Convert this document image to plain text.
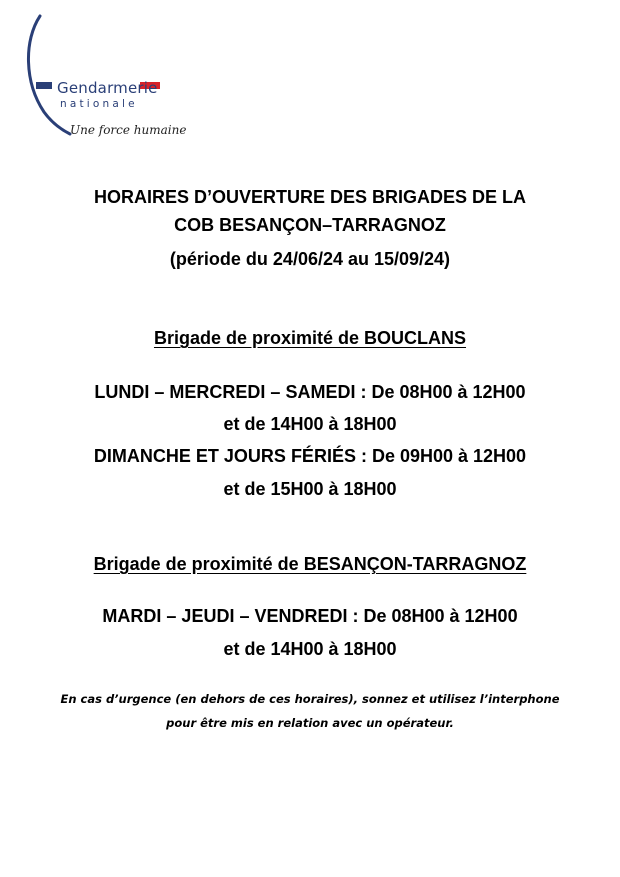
Gendarmerie
nationale
Une force humaine
HORAIRES D’OUVERTURE DES BRIGADES DE LA
COB BESANÇON–TARRAGNOZ
(période du 24/06/24 au 15/09/24)
Brigade de proximité de BOUCLANS
LUNDI – MERCREDI – SAMEDI : De 08H00 à 12H00
et de 14H00 à 18H00
DIMANCHE ET JOURS FÉRIÉS : De 09H00 à 12H00
et de 15H00 à 18H00
Brigade de proximité de BESANÇON-TARRAGNOZ
MARDI – JEUDI – VENDREDI : De 08H00 à 12H00
et de 14H00 à 18H00
En cas d’urgence (en dehors de ces horaires), sonnez et utilisez l’interphone
pour être mis en relation avec un opérateur.
